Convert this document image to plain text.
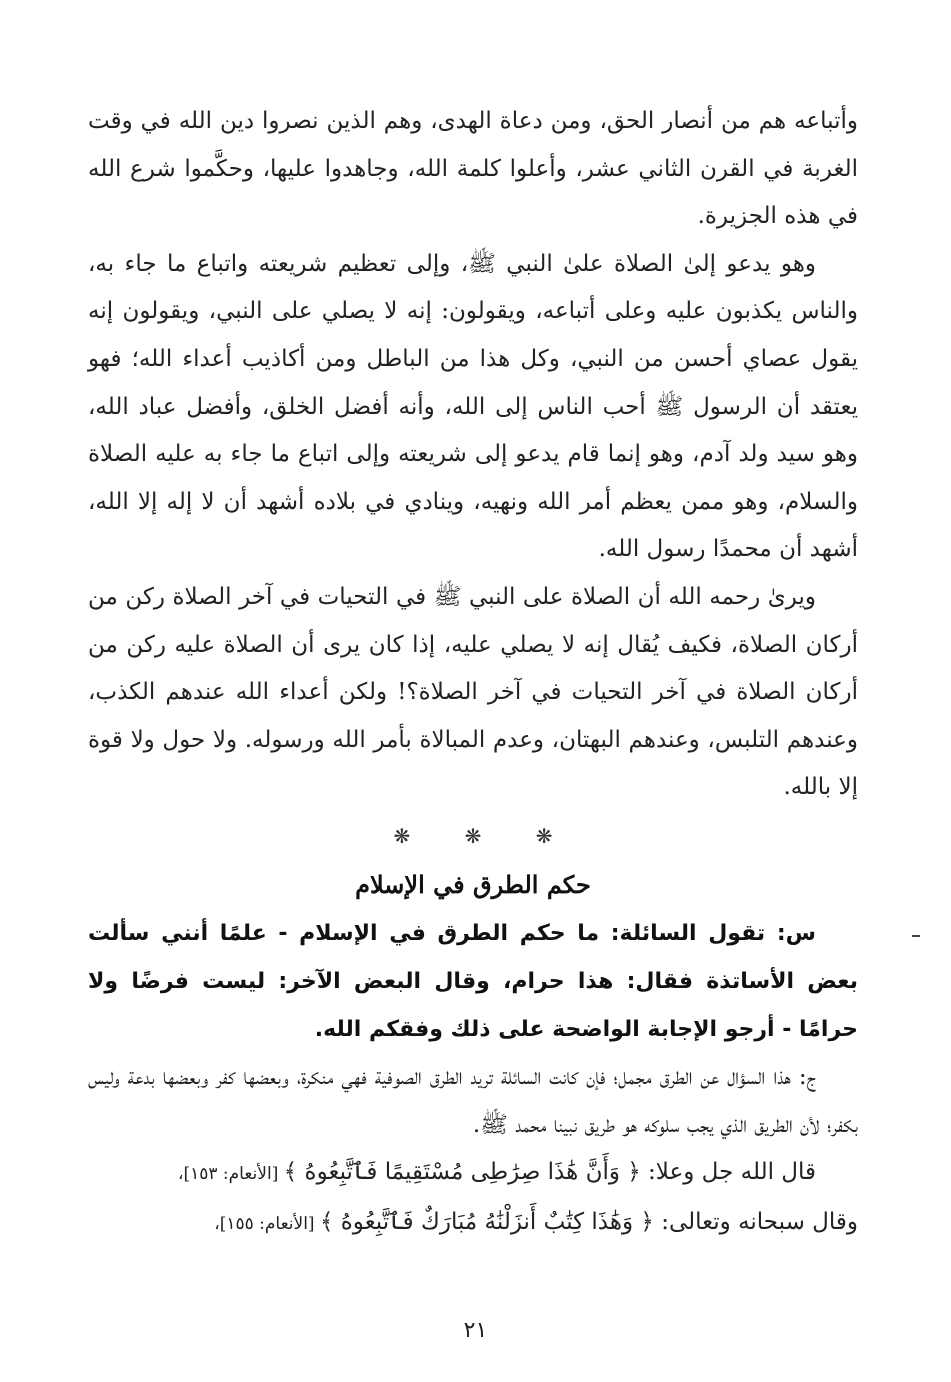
وأتباعه هم من أنصار الحق، ومن دعاة الهدى، وهم الذين نصروا دين الله في وقت الغربة في القرن الثاني عشر، وأعلوا كلمة الله، وجاهدوا عليها، وحكَّموا شرع الله في هذه الجزيرة.

وهو يدعو إلىٰ الصلاة علىٰ النبي ﷺ، وإلى تعظيم شريعته واتباع ما جاء به، والناس يكذبون عليه وعلى أتباعه، ويقولون: إنه لا يصلي على النبي، ويقولون إنه يقول عصاي أحسن من النبي، وكل هذا من الباطل ومن أكاذيب أعداء الله؛ فهو يعتقد أن الرسول ﷺ أحب الناس إلى الله، وأنه أفضل الخلق، وأفضل عباد الله، وهو سيد ولد آدم، وهو إنما قام يدعو إلى شريعته وإلى اتباع ما جاء به عليه الصلاة والسلام، وهو ممن يعظم أمر الله ونهيه، وينادي في بلاده أشهد أن لا إله إلا الله، أشهد أن محمدًا رسول الله.

ويرىٰ رحمه الله أن الصلاة على النبي ﷺ في التحيات في آخر الصلاة ركن من أركان الصلاة، فكيف يُقال إنه لا يصلي عليه، إذا كان يرى أن الصلاة عليه ركن من أركان الصلاة في آخر التحيات في آخر الصلاة؟! ولكن أعداء الله عندهم الكذب، وعندهم التلبس، وعندهم البهتان، وعدم المبالاة بأمر الله ورسوله. ولا حول ولا قوة إلا بالله.

❋ ❋ ❋
حكم الطرق في الإسلام

س: تقول السائلة: ما حكم الطرق في الإسلام - علمًا أنني سألت بعض الأساتذة فقال: هذا حرام، وقال البعض الآخر: ليست فرضًا ولا حرامًا - أرجو الإجابة الواضحة على ذلك وفقكم الله.

ج: هذا السؤال عن الطرق مجمل؛ فإن كانت السائلة تريد الطرق الصوفية فهي منكرة، وبعضها كفر وبعضها بدعة وليس بكفر؛ لأن الطريق الذي يجب سلوكه هو طريق نبينا محمد ﷺ.

قال الله جل وعلا: ﴿ وَأَنَّ هَٰذَا صِرَٰطِى مُسْتَقِيمًا فَٱتَّبِعُوهُ ﴾ [الأنعام: ١٥٣]،

وقال سبحانه وتعالى: ﴿ وَهَٰذَا كِتَٰبٌ أَنزَلْنَٰهُ مُبَارَكٌ فَٱتَّبِعُوهُ ﴾ [الأنعام: ١٥٥]،

٢١
